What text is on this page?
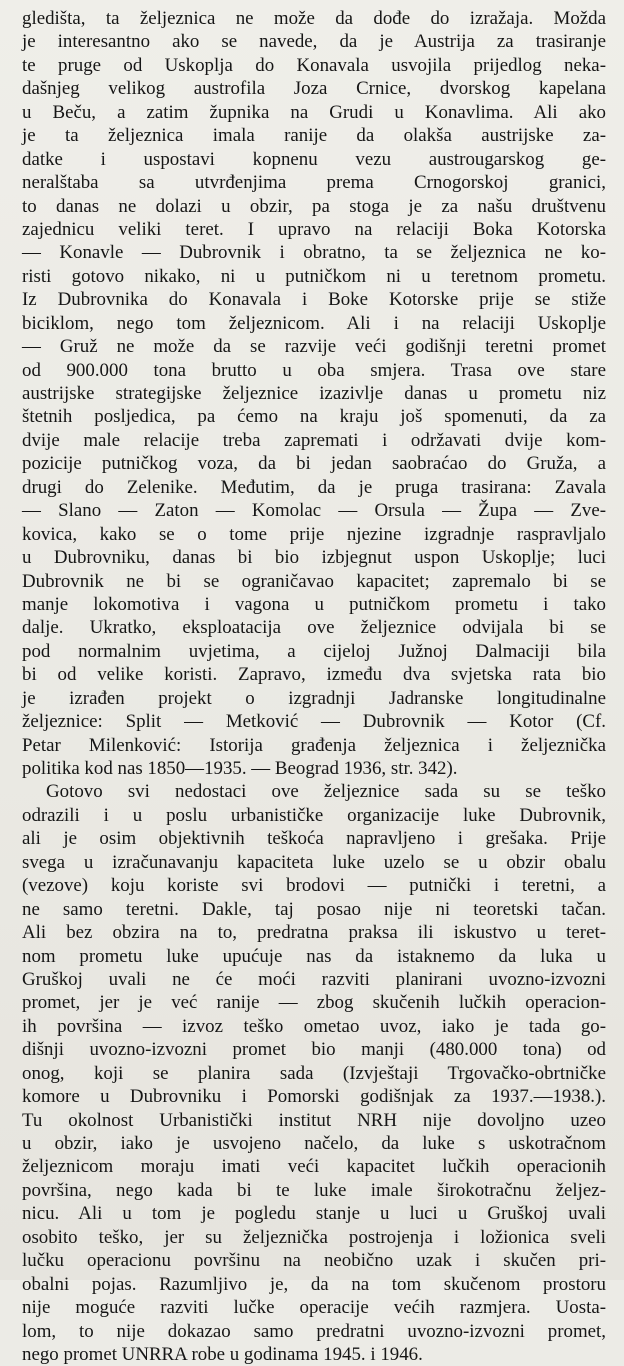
gledišta, ta željeznica ne može da dođe do izražaja. Možda
je interesantno ako se navede, da je Austrija za trasiranje
te pruge od Uskoplja do Konavala usvojila prijedlog neka-
dašnjeg velikog austrofila Joza Crnice, dvorskog kapelana
u Beču, a zatim župnika na Grudi u Konavlima. Ali ako
je ta željeznica imala ranije da olakša austrijske za-
datke i uspostavi kopnenu vezu austrougarskog ge-
neralštaba sa utvrđenjima prema Crnogorskoj granici,
to danas ne dolazi u obzir, pa stoga je za našu društvenu
zajednicu veliki teret. I upravo na relaciji Boka Kotorska
— Konavle — Dubrovnik i obratno, ta se željeznica ne ko-
risti gotovo nikako, ni u putničkom ni u teretnom prometu.
Iz Dubrovnika do Konavala i Boke Kotorske prije se stiže
biciklom, nego tom željeznicom. Ali i na relaciji Uskoplje
— Gruž ne može da se razvije veći godišnji teretni promet
od 900.000 tona brutto u oba smjera. Trasa ove stare
austrijske strategijske željeznice izazivlje danas u prometu niz
štetnih posljedica, pa ćemo na kraju još spomenuti, da za
dvije male relacije treba zaprematі i održavati dvije kom-
pozicije putničkog voza, da bi jedan saobraćao do Gruža, a
drugi do Zelenike. Međutim, da je pruga trasirana: Zavala
— Slano — Zaton — Komolac — Orsula — Župa — Zve-
kovica, kako se o tome prije njezine izgradnje raspravljalo
u Dubrovniku, danas bi bio izbjegnut uspon Uskoplje; luci
Dubrovnik ne bi se ograničavao kapacitet; zapremalo bi se
manje lokomotiva i vagona u putničkom prometu i tako
dalje. Ukratko, eksploatacija ove željeznice odvijala bi se
pod normalnim uvjetima, a cijeloj Južnoj Dalmaciji bila
bi od velike koristi. Zapravo, između dva svjetska rata bio
je izrađen projekt o izgradnji Jadranske longitudinalne
željeznice: Split — Metković — Dubrovnik — Kotor (Cf.
Petar Milenković: Istorija građenja željeznica i željeznička
politika kod nas 1850—1935. — Beograd 1936, str. 342).
Gotovo svi nedostaci ove željeznice sada su se teško
odrazili i u poslu urbanističke organizacije luke Dubrovnik,
ali je osim objektivnih teškoća napravljeno i grešaka. Prije
svega u izračunavanju kapaciteta luke uzelo se u obzir obalu
(vezove) koju koriste svi brodovi — putnički i teretni, a
ne samo teretni. Dakle, taj posao nije ni teoretski tačan.
Ali bez obzira na to, predratna praksa ili iskustvo u teret-
nom prometu luke upućuje nas da istaknemo da luka u
Gruškoj uvali ne će moći razviti planirani uvozno-izvozni
promet, jer je već ranije — zbog skučenih lučkih operacion-
ih površina — izvoz teško ometao uvoz, iako je tada go-
dišnji uvozno-izvozni promet bio manji (480.000 tona) od
onog, koji se planira sada (Izvještaji Trgovačko-obrtničke
komore u Dubrovniku i Pomorski godišnjak za 1937.—1938.).
Tu okolnost Urbanistički institut NRH nije dovoljno uzeo
u obzir, iako je usvojeno načelo, da luke s uskotračnom
željeznicom moraju imati veći kapacitet lučkih operacionih
površina, nego kada bi te luke imale širokotračnu željez-
nicu. Ali u tom je pogledu stanje u luci u Gruškoj uvali
osobito teško, jer su željeznička postrojenja i ložionica sveli
lučku operacionu površinu na neobično uzak i skučen pri-
obalni pojas. Razumljivo je, da na tom skučenom prostoru
nije moguće razviti lučke operacije većih razmjera. Uosta-
lom, to nije dokazao samo predratni uvozno-izvozni promet,
nego promet UNRRA robe u godinama 1945. i 1946.
